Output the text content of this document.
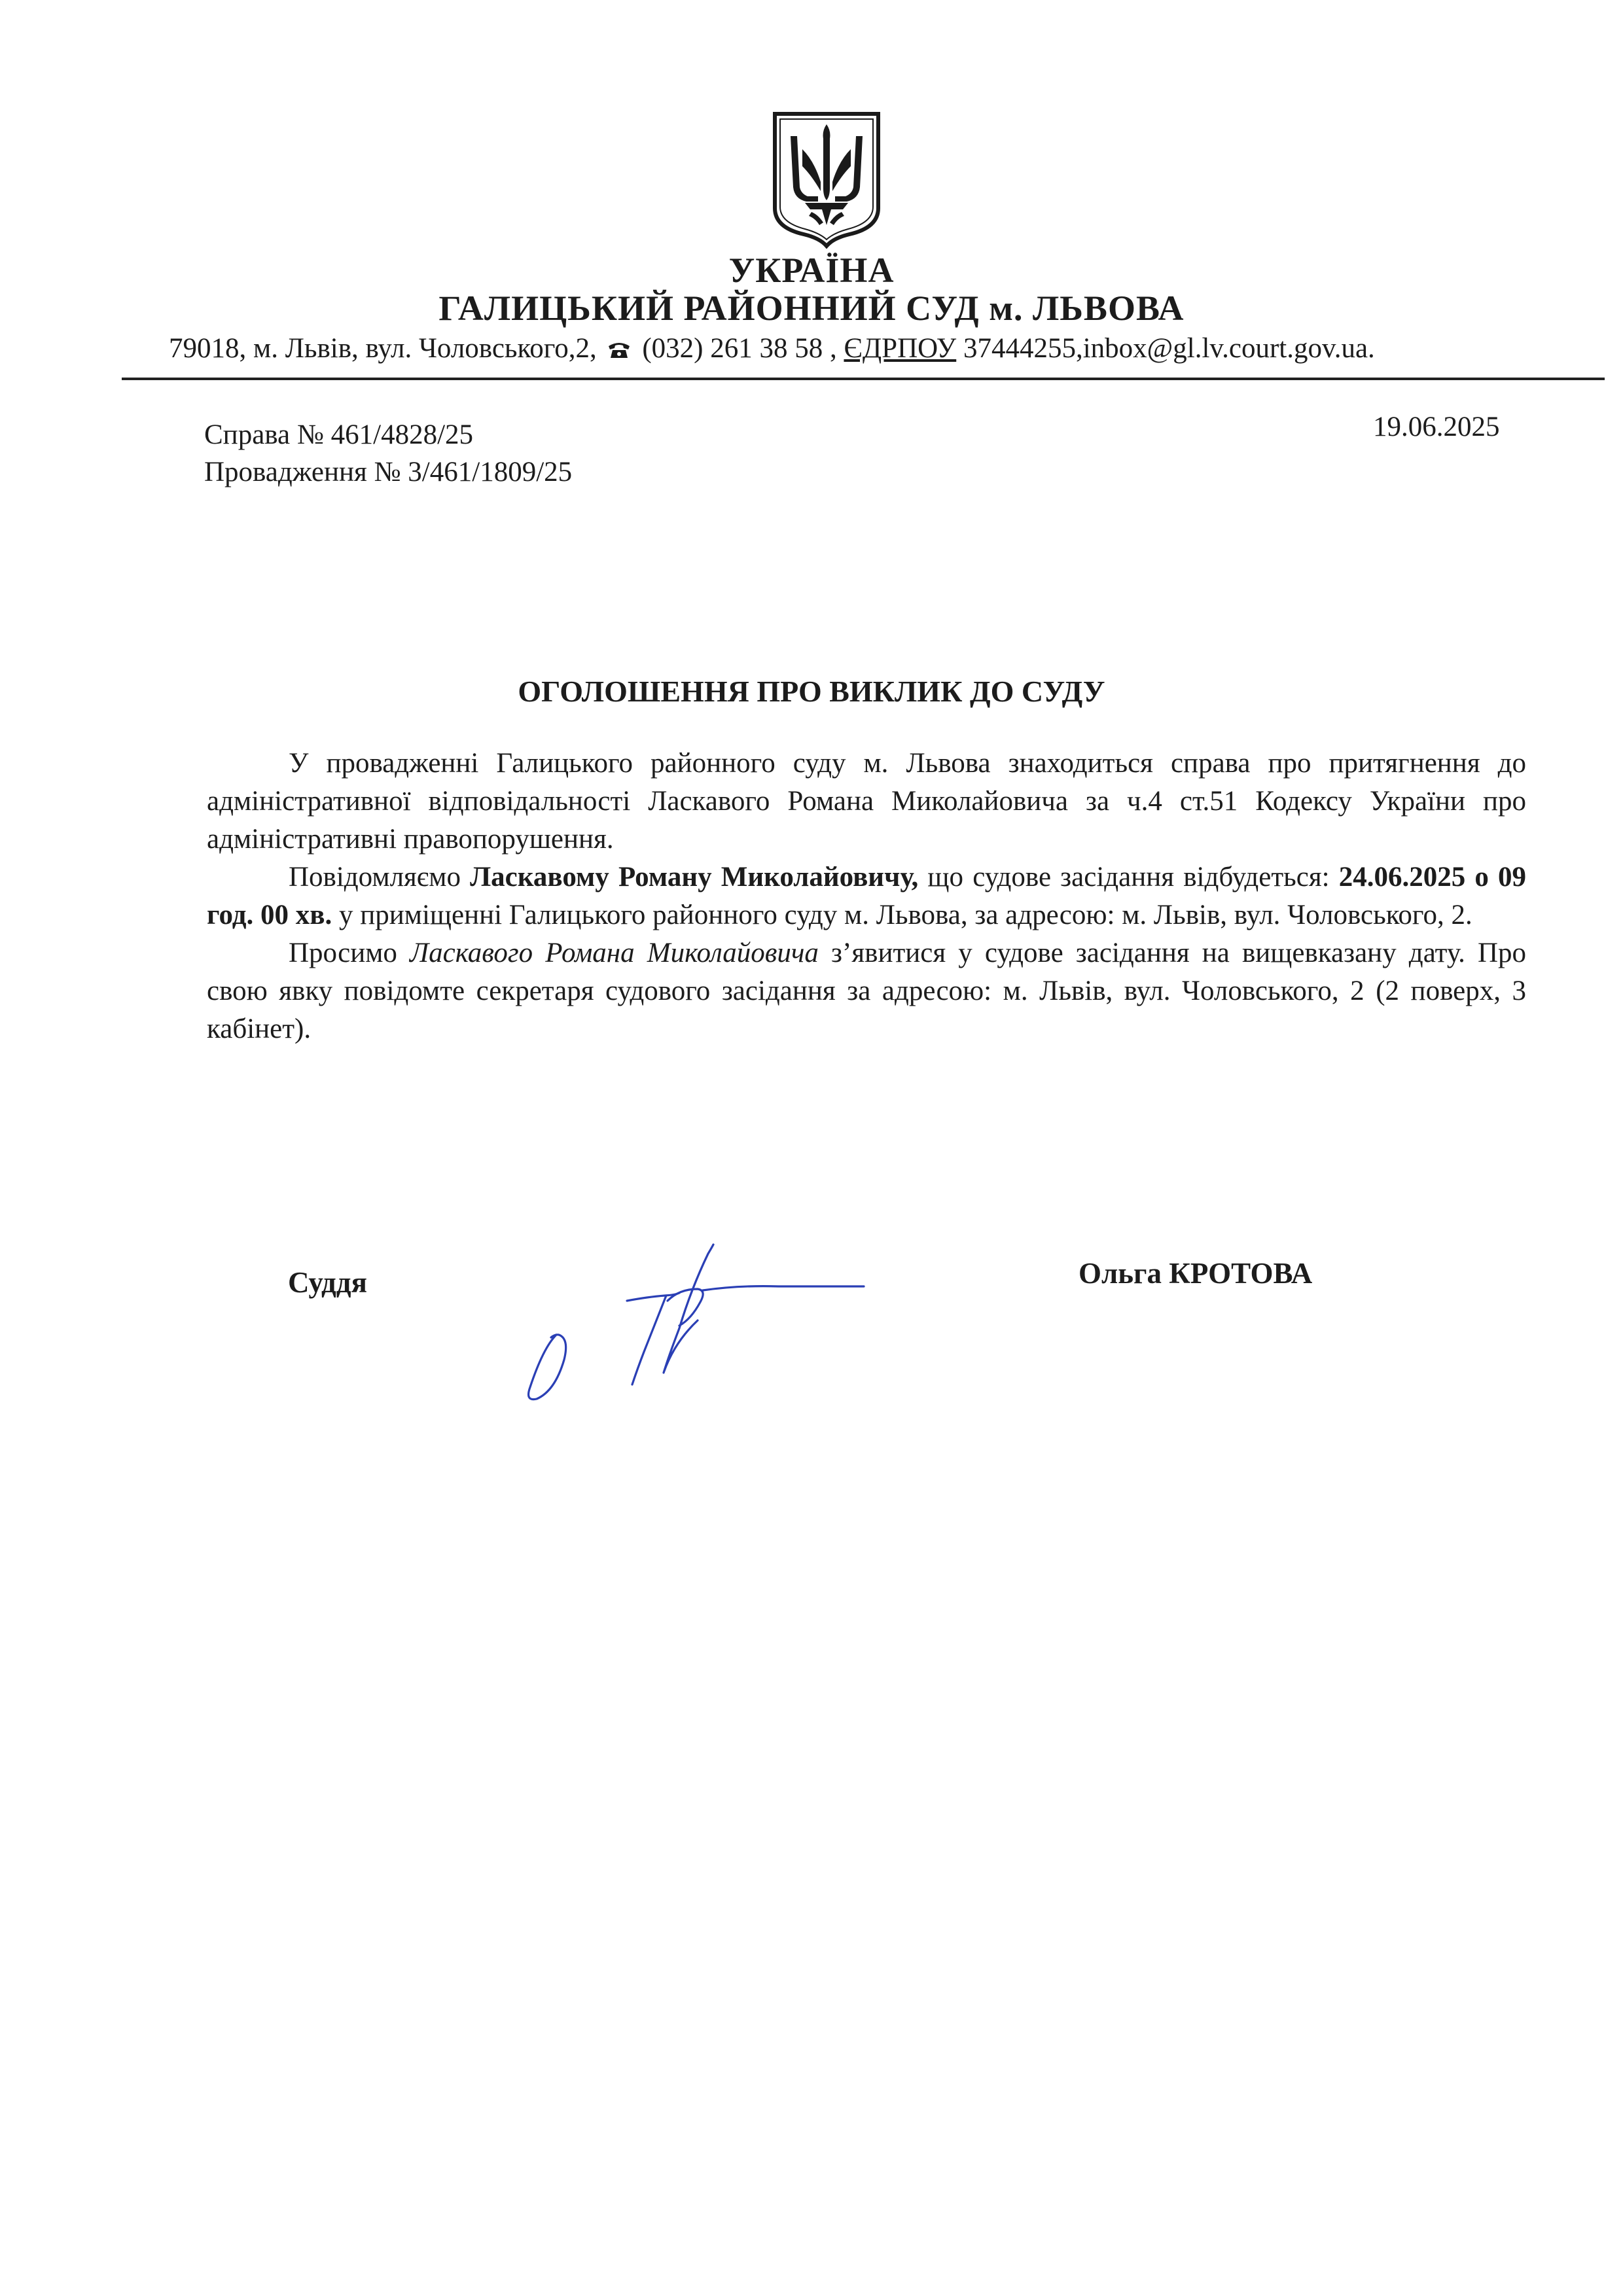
УКРАЇНА
ГАЛИЦЬКИЙ РАЙОННИЙ СУД м. ЛЬВОВА
79018, м. Львів, вул. Чоловського,2, (032) 261 38 58 , ЄДРПОУ 37444255,inbox@gl.lv.court.gov.ua.
Справа № 461/4828/25
Провадження № 3/461/1809/25
19.06.2025
ОГОЛОШЕННЯ ПРО ВИКЛИК ДО СУДУ

У провадженні Галицького районного суду м. Львова знаходиться справа про притягнення до адміністративної відповідальності Ласкавого Романа Миколайовича за ч.4 ст.51 Кодексу України про адміністративні правопорушення.

Повідомляємо Ласкавому Роману Миколайовичу, що судове засідання відбудеться: 24.06.2025 о 09 год. 00 хв. у приміщенні Галицького районного суду м. Львова, за адресою: м. Львів, вул. Чоловського, 2.

Просимо Ласкавого Романа Миколайовича з’явитися у судове засідання на вищевказану дату. Про свою явку повідомте секретаря судового засідання за адресою: м. Львів, вул. Чоловського, 2 (2 поверх, 3 кабінет).

Суддя	Ольга КРОТОВА
